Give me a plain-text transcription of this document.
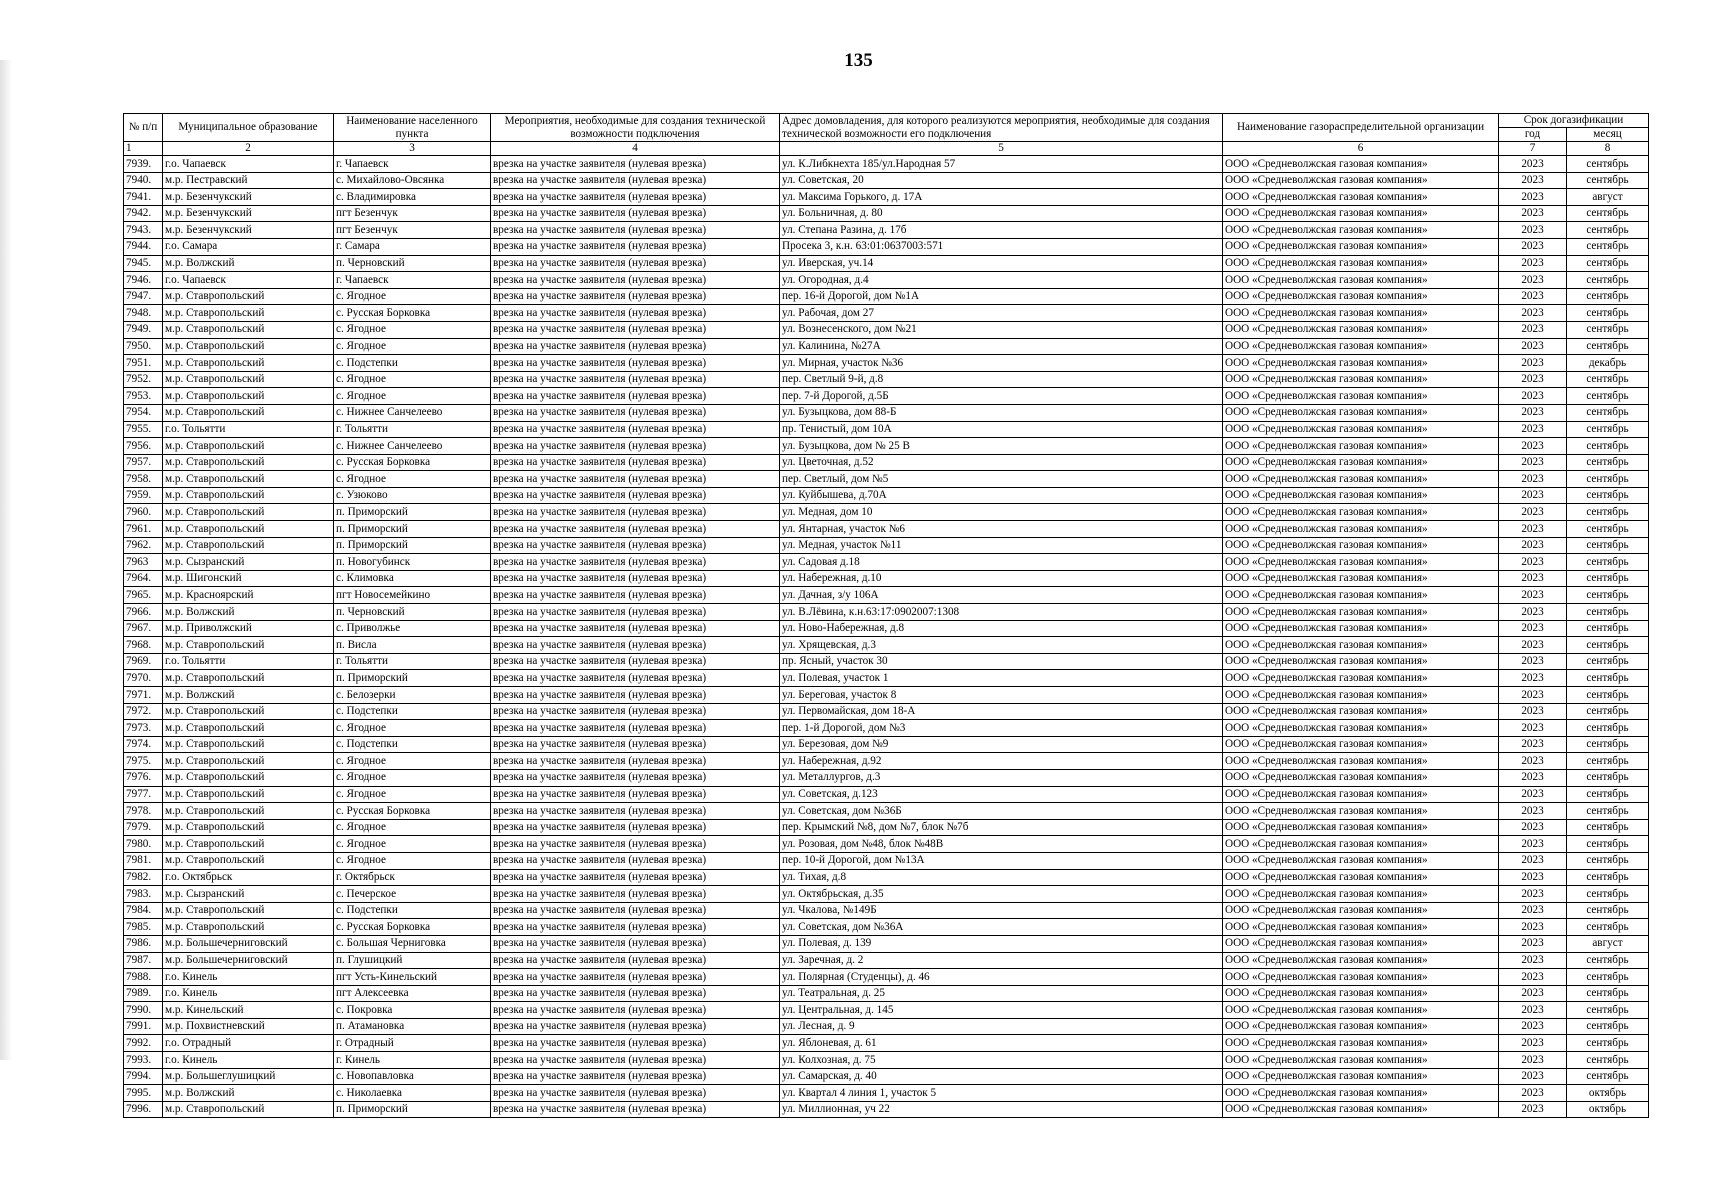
135
№ п/п	Муниципальное образование	Наименование населенного пункта	Мероприятия, необходимые для создания технической возможности подключения	Адрес домовладения, для которого реализуются мероприятия, необходимые для создания технической возможности его подключения	Наименование газораспределительной организации	Срок догазификации	
						год	месяц
1	2	3	4	5	6	7	8
7939.	г.о. Чапаевск	г. Чапаевск	врезка на участке заявителя (нулевая врезка)	ул. К.Либкнехта 185/ул.Народная 57	ООО «Средневолжская газовая компания»	2023	сентябрь
7940.	м.р. Пестравский	с. Михайлово-Овсянка	врезка на участке заявителя (нулевая врезка)	ул. Советская, 20	ООО «Средневолжская газовая компания»	2023	сентябрь
7941.	м.р. Безенчукский	с. Владимировка	врезка на участке заявителя (нулевая врезка)	ул. Максима Горького, д. 17А	ООО «Средневолжская газовая компания»	2023	август
7942.	м.р. Безенчукский	пгт Безенчук	врезка на участке заявителя (нулевая врезка)	ул. Больничная, д. 80	ООО «Средневолжская газовая компания»	2023	сентябрь
7943.	м.р. Безенчукский	пгт Безенчук	врезка на участке заявителя (нулевая врезка)	ул. Степана Разина, д. 17б	ООО «Средневолжская газовая компания»	2023	сентябрь
7944.	г.о. Самара	г. Самара	врезка на участке заявителя (нулевая врезка)	Просека 3, к.н. 63:01:0637003:571	ООО «Средневолжская газовая компания»	2023	сентябрь
7945.	м.р. Волжский	п. Черновский	врезка на участке заявителя (нулевая врезка)	ул. Иверская, уч.14	ООО «Средневолжская газовая компания»	2023	сентябрь
7946.	г.о. Чапаевск	г. Чапаевск	врезка на участке заявителя (нулевая врезка)	ул. Огородная, д.4	ООО «Средневолжская газовая компания»	2023	сентябрь
7947.	м.р. Ставропольский	с. Ягодное	врезка на участке заявителя (нулевая врезка)	пер. 16-й Дорогой, дом №1А	ООО «Средневолжская газовая компания»	2023	сентябрь
7948.	м.р. Ставропольский	с. Русская Борковка	врезка на участке заявителя (нулевая врезка)	ул. Рабочая, дом 27	ООО «Средневолжская газовая компания»	2023	сентябрь
7949.	м.р. Ставропольский	с. Ягодное	врезка на участке заявителя (нулевая врезка)	ул. Вознесенского, дом №21	ООО «Средневолжская газовая компания»	2023	сентябрь
7950.	м.р. Ставропольский	с. Ягодное	врезка на участке заявителя (нулевая врезка)	ул. Калинина, №27А	ООО «Средневолжская газовая компания»	2023	сентябрь
7951.	м.р. Ставропольский	с. Подстепки	врезка на участке заявителя (нулевая врезка)	ул. Мирная, участок №36	ООО «Средневолжская газовая компания»	2023	декабрь
7952.	м.р. Ставропольский	с. Ягодное	врезка на участке заявителя (нулевая врезка)	пер. Светлый 9-й, д.8	ООО «Средневолжская газовая компания»	2023	сентябрь
7953.	м.р. Ставропольский	с. Ягодное	врезка на участке заявителя (нулевая врезка)	пер. 7-й Дорогой, д.5Б	ООО «Средневолжская газовая компания»	2023	сентябрь
7954.	м.р. Ставропольский	с. Нижнее Санчелеево	врезка на участке заявителя (нулевая врезка)	ул. Бузыцкова, дом 88-Б	ООО «Средневолжская газовая компания»	2023	сентябрь
7955.	г.о. Тольятти	г. Тольятти	врезка на участке заявителя (нулевая врезка)	пр. Тенистый, дом 10А	ООО «Средневолжская газовая компания»	2023	сентябрь
7956.	м.р. Ставропольский	с. Нижнее Санчелеево	врезка на участке заявителя (нулевая врезка)	ул. Бузыцкова, дом № 25 В	ООО «Средневолжская газовая компания»	2023	сентябрь
7957.	м.р. Ставропольский	с. Русская Борковка	врезка на участке заявителя (нулевая врезка)	ул. Цветочная, д.52	ООО «Средневолжская газовая компания»	2023	сентябрь
7958.	м.р. Ставропольский	с. Ягодное	врезка на участке заявителя (нулевая врезка)	пер. Светлый, дом №5	ООО «Средневолжская газовая компания»	2023	сентябрь
7959.	м.р. Ставропольский	с. Узюково	врезка на участке заявителя (нулевая врезка)	ул. Куйбышева, д.70А	ООО «Средневолжская газовая компания»	2023	сентябрь
7960.	м.р. Ставропольский	п. Приморский	врезка на участке заявителя (нулевая врезка)	ул. Медная, дом 10	ООО «Средневолжская газовая компания»	2023	сентябрь
7961.	м.р. Ставропольский	п. Приморский	врезка на участке заявителя (нулевая врезка)	ул. Янтарная, участок №6	ООО «Средневолжская газовая компания»	2023	сентябрь
7962.	м.р. Ставропольский	п. Приморский	врезка на участке заявителя (нулевая врезка)	ул. Медная, участок №11	ООО «Средневолжская газовая компания»	2023	сентябрь
7963	м.р. Сызранский	п. Новогубинск	врезка на участке заявителя (нулевая врезка)	ул. Садовая д.18	ООО «Средневолжская газовая компания»	2023	сентябрь
7964.	м.р. Шигонский	с. Климовка	врезка на участке заявителя (нулевая врезка)	ул. Набережная, д.10	ООО «Средневолжская газовая компания»	2023	сентябрь
7965.	м.р. Красноярский	пгт Новосемейкино	врезка на участке заявителя (нулевая врезка)	ул. Дачная, з/у 106А	ООО «Средневолжская газовая компания»	2023	сентябрь
7966.	м.р. Волжский	п. Черновский	врезка на участке заявителя (нулевая врезка)	ул. В.Лёвина, к.н.63:17:0902007:1308	ООО «Средневолжская газовая компания»	2023	сентябрь
7967.	м.р. Приволжский	с. Приволжье	врезка на участке заявителя (нулевая врезка)	ул. Ново-Набережная, д.8	ООО «Средневолжская газовая компания»	2023	сентябрь
7968.	м.р. Ставропольский	п. Висла	врезка на участке заявителя (нулевая врезка)	ул. Хрящевская, д.3	ООО «Средневолжская газовая компания»	2023	сентябрь
7969.	г.о. Тольятти	г. Тольятти	врезка на участке заявителя (нулевая врезка)	пр. Ясный, участок 30	ООО «Средневолжская газовая компания»	2023	сентябрь
7970.	м.р. Ставропольский	п. Приморский	врезка на участке заявителя (нулевая врезка)	ул. Полевая, участок 1	ООО «Средневолжская газовая компания»	2023	сентябрь
7971.	м.р. Волжский	с. Белозерки	врезка на участке заявителя (нулевая врезка)	ул. Береговая, участок 8	ООО «Средневолжская газовая компания»	2023	сентябрь
7972.	м.р. Ставропольский	с. Подстепки	врезка на участке заявителя (нулевая врезка)	ул. Первомайская, дом 18-А	ООО «Средневолжская газовая компания»	2023	сентябрь
7973.	м.р. Ставропольский	с. Ягодное	врезка на участке заявителя (нулевая врезка)	пер. 1-й Дорогой, дом №3	ООО «Средневолжская газовая компания»	2023	сентябрь
7974.	м.р. Ставропольский	с. Подстепки	врезка на участке заявителя (нулевая врезка)	ул. Березовая, дом №9	ООО «Средневолжская газовая компания»	2023	сентябрь
7975.	м.р. Ставропольский	с. Ягодное	врезка на участке заявителя (нулевая врезка)	ул. Набережная, д.92	ООО «Средневолжская газовая компания»	2023	сентябрь
7976.	м.р. Ставропольский	с. Ягодное	врезка на участке заявителя (нулевая врезка)	ул. Металлургов, д.3	ООО «Средневолжская газовая компания»	2023	сентябрь
7977.	м.р. Ставропольский	с. Ягодное	врезка на участке заявителя (нулевая врезка)	ул. Советская, д.123	ООО «Средневолжская газовая компания»	2023	сентябрь
7978.	м.р. Ставропольский	с. Русская Борковка	врезка на участке заявителя (нулевая врезка)	ул. Советская, дом №36Б	ООО «Средневолжская газовая компания»	2023	сентябрь
7979.	м.р. Ставропольский	с. Ягодное	врезка на участке заявителя (нулевая врезка)	пер. Крымский №8, дом №7, блок №7б	ООО «Средневолжская газовая компания»	2023	сентябрь
7980.	м.р. Ставропольский	с. Ягодное	врезка на участке заявителя (нулевая врезка)	ул. Розовая, дом №48, блок №48В	ООО «Средневолжская газовая компания»	2023	сентябрь
7981.	м.р. Ставропольский	с. Ягодное	врезка на участке заявителя (нулевая врезка)	пер. 10-й Дорогой, дом №13А	ООО «Средневолжская газовая компания»	2023	сентябрь
7982.	г.о. Октябрьск	г. Октябрьск	врезка на участке заявителя (нулевая врезка)	ул. Тихая, д.8	ООО «Средневолжская газовая компания»	2023	сентябрь
7983.	м.р. Сызранский	с. Печерское	врезка на участке заявителя (нулевая врезка)	ул. Октябрьская, д.35	ООО «Средневолжская газовая компания»	2023	сентябрь
7984.	м.р. Ставропольский	с. Подстепки	врезка на участке заявителя (нулевая врезка)	ул. Чкалова, №149Б	ООО «Средневолжская газовая компания»	2023	сентябрь
7985.	м.р. Ставропольский	с. Русская Борковка	врезка на участке заявителя (нулевая врезка)	ул. Советская, дом №36А	ООО «Средневолжская газовая компания»	2023	сентябрь
7986.	м.р. Большечерниговский	с. Большая Черниговка	врезка на участке заявителя (нулевая врезка)	ул. Полевая, д. 139	ООО «Средневолжская газовая компания»	2023	август
7987.	м.р. Большечерниговский	п. Глушицкий	врезка на участке заявителя (нулевая врезка)	ул. Заречная, д. 2	ООО «Средневолжская газовая компания»	2023	сентябрь
7988.	г.о. Кинель	пгт Усть-Кинельский	врезка на участке заявителя (нулевая врезка)	ул. Полярная (Студенцы), д. 46	ООО «Средневолжская газовая компания»	2023	сентябрь
7989.	г.о. Кинель	пгт Алексеевка	врезка на участке заявителя (нулевая врезка)	ул. Театральная, д. 25	ООО «Средневолжская газовая компания»	2023	сентябрь
7990.	м.р. Кинельский	с. Покровка	врезка на участке заявителя (нулевая врезка)	ул. Центральная, д. 145	ООО «Средневолжская газовая компания»	2023	сентябрь
7991.	м.р. Похвистневский	п. Атамановка	врезка на участке заявителя (нулевая врезка)	ул. Лесная, д. 9	ООО «Средневолжская газовая компания»	2023	сентябрь
7992.	г.о. Отрадный	г. Отрадный	врезка на участке заявителя (нулевая врезка)	ул. Яблоневая, д. 61	ООО «Средневолжская газовая компания»	2023	сентябрь
7993.	г.о. Кинель	г. Кинель	врезка на участке заявителя (нулевая врезка)	ул. Колхозная, д. 75	ООО «Средневолжская газовая компания»	2023	сентябрь
7994.	м.р. Большеглушицкий	с. Новопавловка	врезка на участке заявителя (нулевая врезка)	ул. Самарская, д. 40	ООО «Средневолжская газовая компания»	2023	сентябрь
7995.	м.р. Волжский	с. Николаевка	врезка на участке заявителя (нулевая врезка)	ул. Квартал 4 линия 1, участок 5	ООО «Средневолжская газовая компания»	2023	октябрь
7996.	м.р. Ставропольский	п. Приморский	врезка на участке заявителя (нулевая врезка)	ул. Миллионная, уч 22	ООО «Средневолжская газовая компания»	2023	октябрь
